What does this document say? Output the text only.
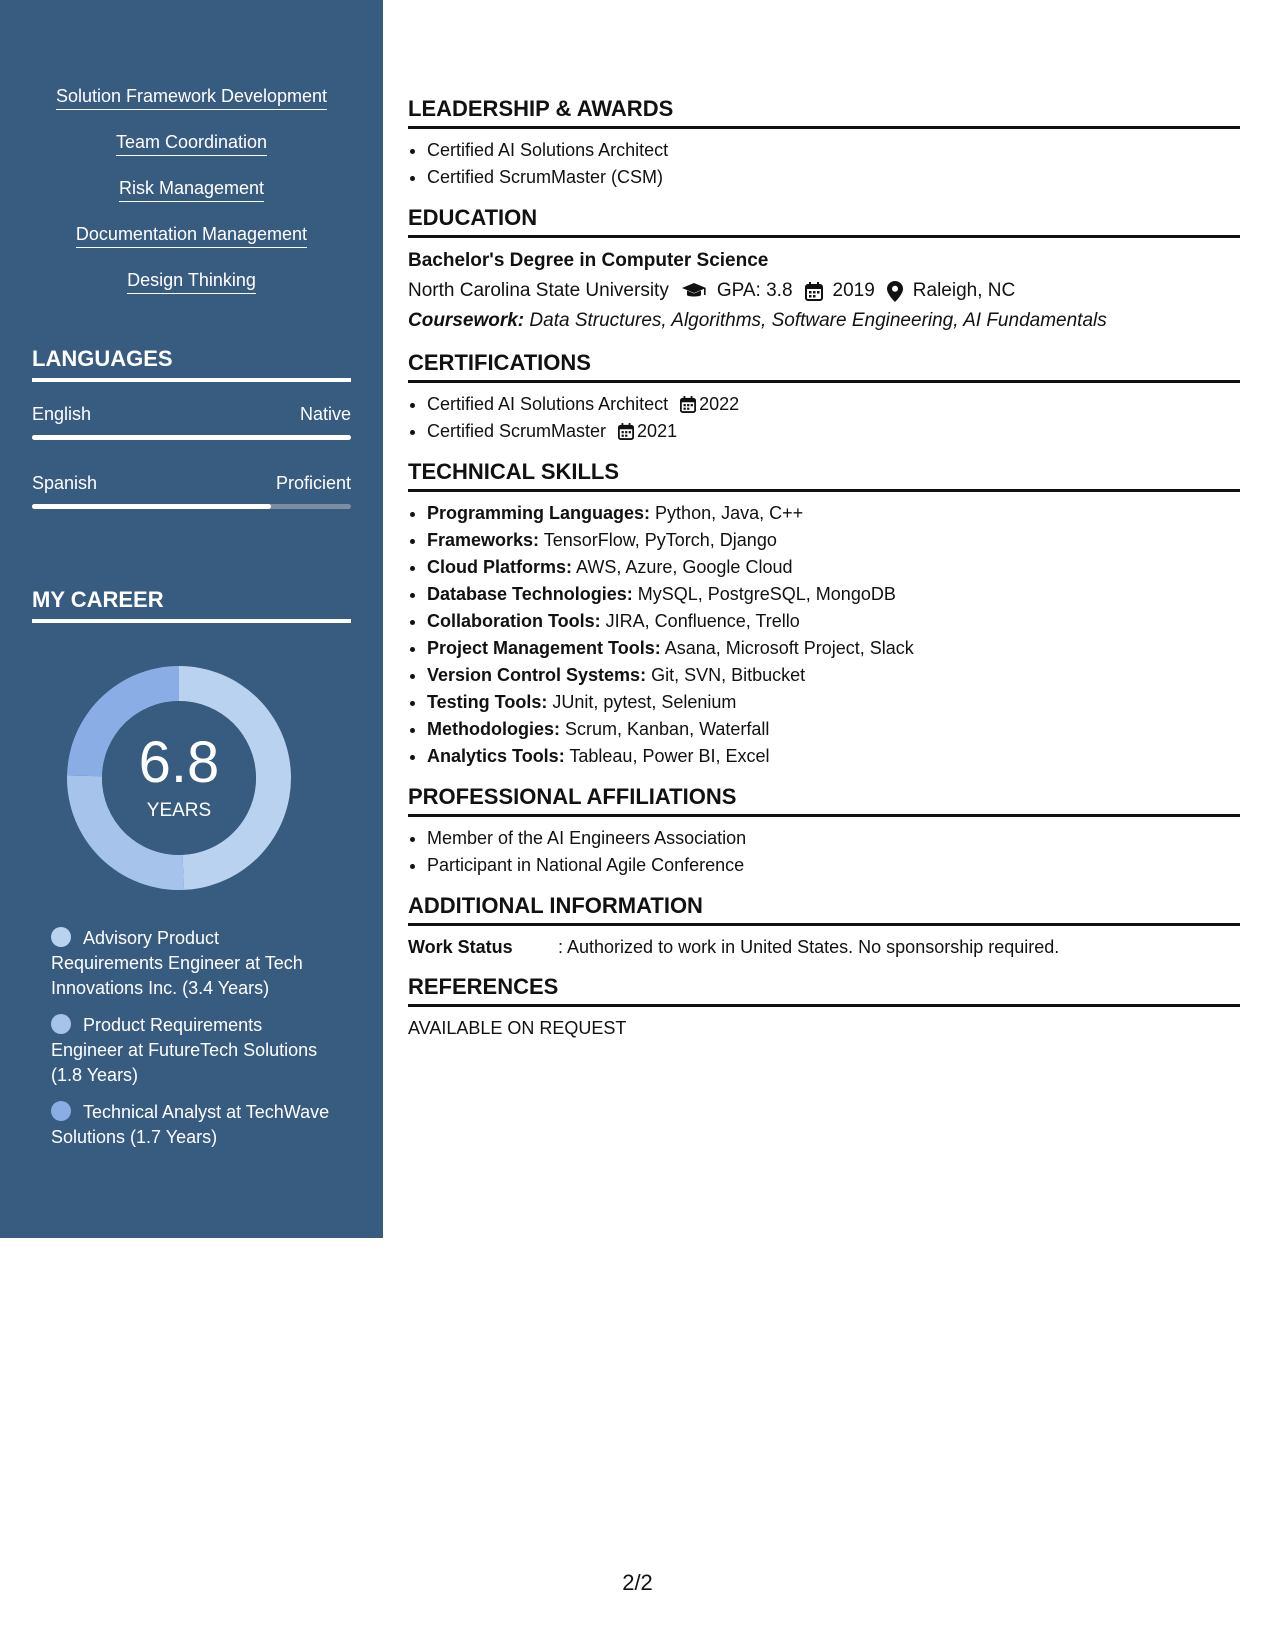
Solution Framework Development
Team Coordination
Risk Management
Documentation Management
Design Thinking
LANGUAGES
English	Native
Spanish	Proficient
MY CAREER
6.8
YEARS
Advisory Product Requirements Engineer at Tech Innovations Inc. (3.4 Years)
Product Requirements Engineer at FutureTech Solutions (1.8 Years)
Technical Analyst at TechWave Solutions (1.7 Years)
LEADERSHIP & AWARDS
• Certified AI Solutions Architect
• Certified ScrumMaster (CSM)
EDUCATION
Bachelor's Degree in Computer Science
North Carolina State University	GPA: 3.8 2019 Raleigh, NC
Coursework: Data Structures, Algorithms, Software Engineering, AI Fundamentals
CERTIFICATIONS
• Certified AI Solutions Architect 2022
• Certified ScrumMaster 2021
TECHNICAL SKILLS
• Programming Languages: Python, Java, C++
• Frameworks: TensorFlow, PyTorch, Django
• Cloud Platforms: AWS, Azure, Google Cloud
• Database Technologies: MySQL, PostgreSQL, MongoDB
• Collaboration Tools: JIRA, Confluence, Trello
• Project Management Tools: Asana, Microsoft Project, Slack
• Version Control Systems: Git, SVN, Bitbucket
• Testing Tools: JUnit, pytest, Selenium
• Methodologies: Scrum, Kanban, Waterfall
• Analytics Tools: Tableau, Power BI, Excel
PROFESSIONAL AFFILIATIONS
• Member of the AI Engineers Association
• Participant in National Agile Conference
ADDITIONAL INFORMATION
Work Status	: Authorized to work in United States. No sponsorship required.
REFERENCES
AVAILABLE ON REQUEST
2/2
